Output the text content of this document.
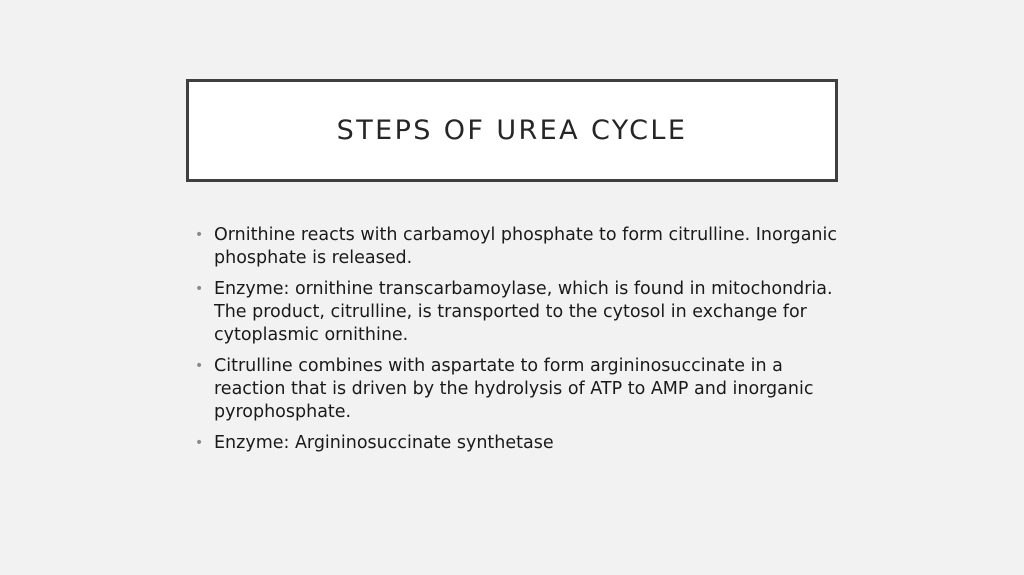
STEPS OF UREA CYCLE
• Ornithine reacts with carbamoyl phosphate to form citrulline. Inorganic phosphate is released.
• Enzyme: ornithine transcarbamoylase, which is found in mitochondria. The product, citrulline, is transported to the cytosol in exchange for cytoplasmic ornithine.
• Citrulline combines with aspartate to form argininosuccinate in a reaction that is driven by the hydrolysis of ATP to AMP and inorganic pyrophosphate.
• Enzyme: Argininosuccinate synthetase
